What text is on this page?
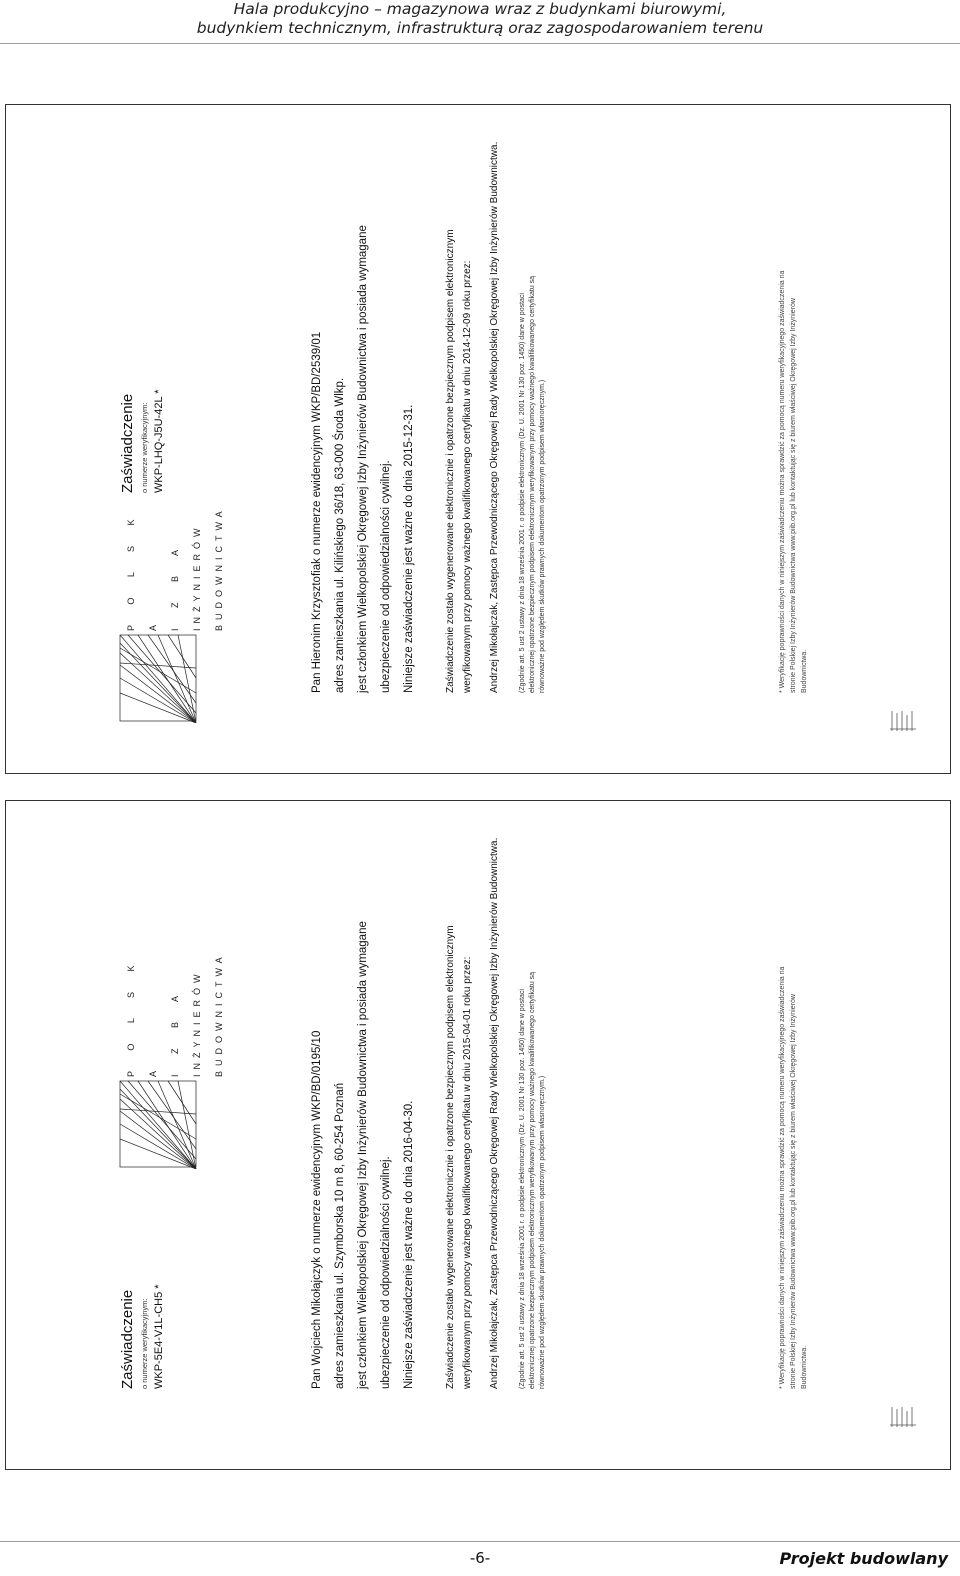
Hala produkcyjno – magazynowa wraz z budynkami biurowymi,
budynkiem technicznym, infrastrukturą oraz zagospodarowaniem terenu
P O L S K A	I Z B A	INŻYNIERÓW	BUDOWNICTWA
Zaświadczenie o numerze weryfikacyjnym: WKP-LHQ-J5U-42L *	Pan Hieronim Krzysztofiak o numerze ewidencyjnym WKP/BD/2539/01 adres zamieszkania ul. Kilińskiego 36/18, 63-000 Środa Wlkp. jest członkiem Wielkopolskiej Okręgowej Izby Inżynierów Budownictwa i posiada wymagane ubezpieczenie od odpowiedzialności cywilnej. Niniejsze zaświadczenie jest ważne do dnia 2015-12-31.	Zaświadczenie zostało wygenerowane elektronicznie i opatrzone bezpiecznym podpisem elektronicznym weryfikowanym przy pomocy ważnego kwalifikowanego certyfikatu w dniu 2014-12-09 roku przez:	Andrzej Mikołajczak, Zastępca Przewodniczącego Okręgowej Rady Wielkopolskiej Okręgowej Izby Inżynierów Budownictwa.	(Zgodnie art. 5 ust 2 ustawy z dnia 18 września 2001 r. o podpisie elektronicznym (Dz. U. 2001 Nr 130 poz. 1450) dane w postaci elektronicznej opatrzone bezpiecznym podpisem elektronicznym weryfikowanym przy pomocy ważnego kwalifikowanego certyfikatu są równoważne pod względem skutków prawnych dokumentom opatrzonym podpisem własnoręcznym.)	* Weryfikację poprawności danych w niniejszym zaświadczeniu można sprawdzić za pomocą numeru weryfikacyjnego zaświadczenia na stronie Polskiej Izby Inżynierów Budownictwa www.piib.org.pl lub kontaktując się z biurem właściwej Okręgowej Izby Inżynierów Budownictwa.
P O L S K A	I Z B A	INŻYNIERÓW	BUDOWNICTWA
Zaświadczenie o numerze weryfikacyjnym: WKP-5E4-V1L-CH5 *	Pan Wojciech Mikołajczyk o numerze ewidencyjnym WKP/BD/0195/10 adres zamieszkania ul. Szymborska 10 m 8, 60-254 Poznań jest członkiem Wielkopolskiej Okręgowej Izby Inżynierów Budownictwa i posiada wymagane ubezpieczenie od odpowiedzialności cywilnej. Niniejsze zaświadczenie jest ważne do dnia 2016-04-30.	Zaświadczenie zostało wygenerowane elektronicznie i opatrzone bezpiecznym podpisem elektronicznym weryfikowanym przy pomocy ważnego kwalifikowanego certyfikatu w dniu 2015-04-01 roku przez:	Andrzej Mikołajczak, Zastępca Przewodniczącego Okręgowej Rady Wielkopolskiej Okręgowej Izby Inżynierów Budownictwa.	(Zgodnie art. 5 ust 2 ustawy z dnia 18 września 2001 r. o podpisie elektronicznym (Dz. U. 2001 Nr 130 poz. 1450) dane w postaci elektronicznej opatrzone bezpiecznym podpisem elektronicznym weryfikowanym przy pomocy ważnego kwalifikowanego certyfikatu są równoważne pod względem skutków prawnych dokumentom opatrzonym podpisem własnoręcznym.)	* Weryfikację poprawności danych w niniejszym zaświadczeniu można sprawdzić za pomocą numeru weryfikacyjnego zaświadczenia na stronie Polskiej Izby Inżynierów Budownictwa www.piib.org.pl lub kontaktując się z biurem właściwej Okręgowej Izby Inżynierów Budownictwa.
-6-	Projekt budowlany
